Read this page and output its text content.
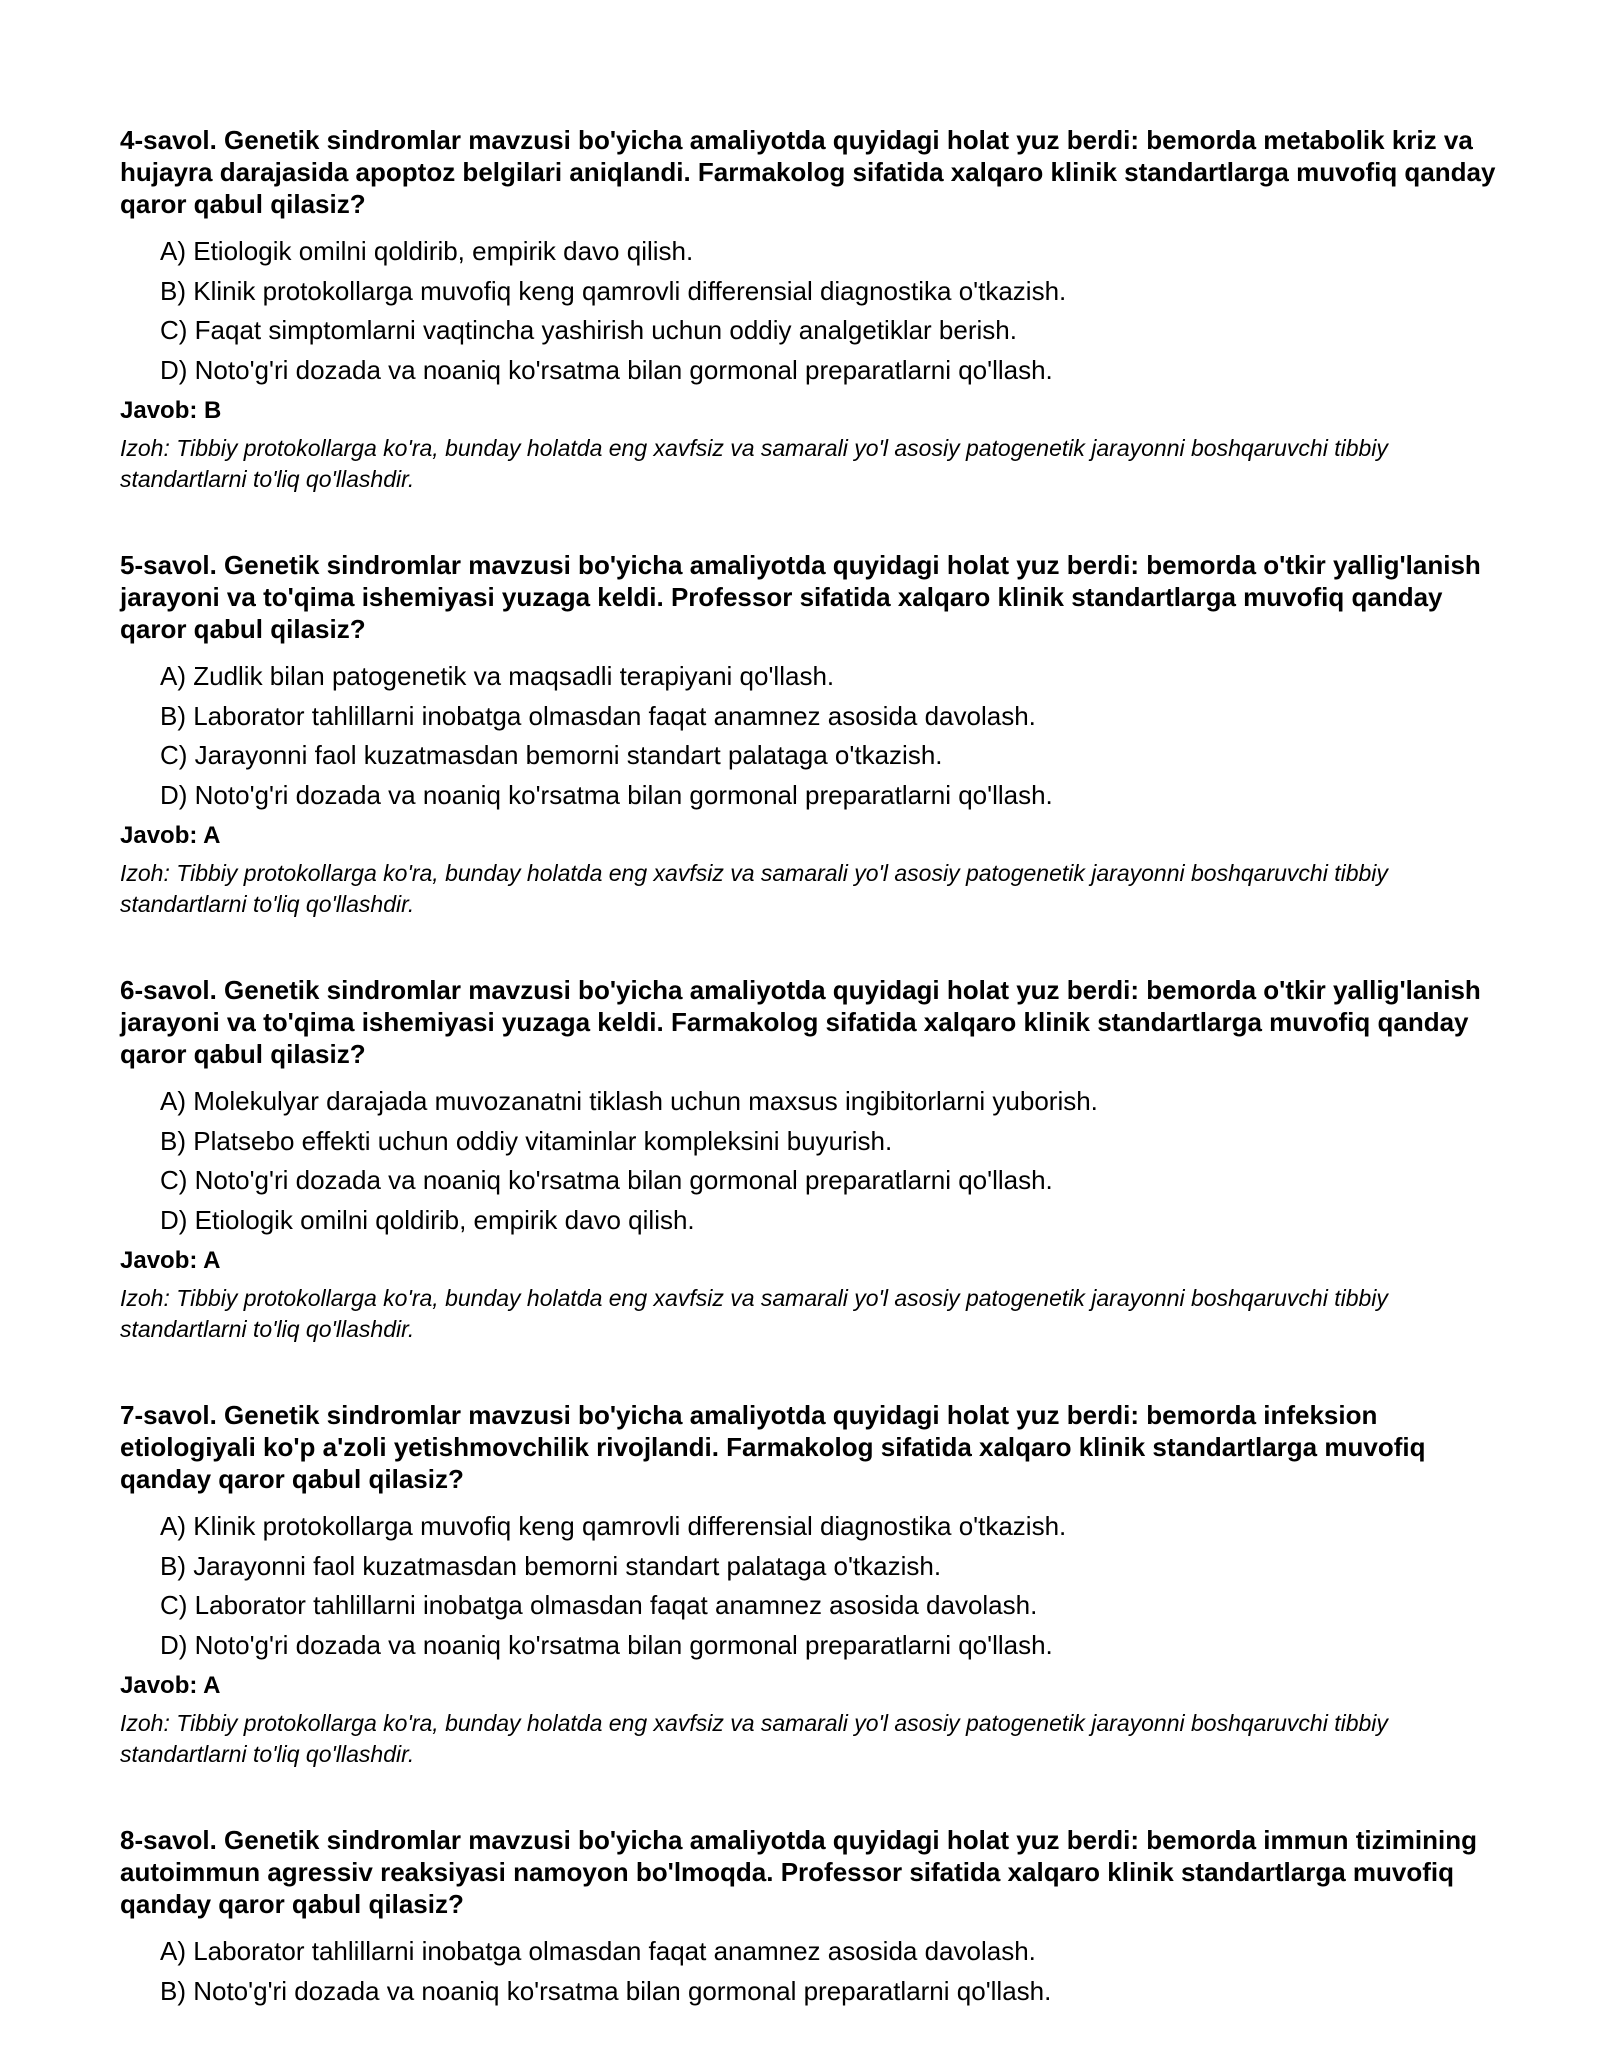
4-savol. Genetik sindromlar mavzusi bo'yicha amaliyotda quyidagi holat yuz berdi: bemorda metabolik kriz va hujayra darajasida apoptoz belgilari aniqlandi. Farmakolog sifatida xalqaro klinik standartlarga muvofiq qanday qaror qabul qilasiz?

A) Etiologik omilni qoldirib, empirik davo qilish.
B) Klinik protokollarga muvofiq keng qamrovli differensial diagnostika o'tkazish.
C) Faqat simptomlarni vaqtincha yashirish uchun oddiy analgetiklar berish.
D) Noto'g'ri dozada va noaniq ko'rsatma bilan gormonal preparatlarni qo'llash.

Javob: B

Izoh: Tibbiy protokollarga ko'ra, bunday holatda eng xavfsiz va samarali yo'l asosiy patogenetik jarayonni boshqaruvchi tibbiy standartlarni to'liq qo'llashdir.

5-savol. Genetik sindromlar mavzusi bo'yicha amaliyotda quyidagi holat yuz berdi: bemorda o'tkir yallig'lanish jarayoni va to'qima ishemiyasi yuzaga keldi. Professor sifatida xalqaro klinik standartlarga muvofiq qanday qaror qabul qilasiz?

A) Zudlik bilan patogenetik va maqsadli terapiyani qo'llash.
B) Laborator tahlillarni inobatga olmasdan faqat anamnez asosida davolash.
C) Jarayonni faol kuzatmasdan bemorni standart palataga o'tkazish.
D) Noto'g'ri dozada va noaniq ko'rsatma bilan gormonal preparatlarni qo'llash.

Javob: A

Izoh: Tibbiy protokollarga ko'ra, bunday holatda eng xavfsiz va samarali yo'l asosiy patogenetik jarayonni boshqaruvchi tibbiy standartlarni to'liq qo'llashdir.

6-savol. Genetik sindromlar mavzusi bo'yicha amaliyotda quyidagi holat yuz berdi: bemorda o'tkir yallig'lanish jarayoni va to'qima ishemiyasi yuzaga keldi. Farmakolog sifatida xalqaro klinik standartlarga muvofiq qanday qaror qabul qilasiz?

A) Molekulyar darajada muvozanatni tiklash uchun maxsus ingibitorlarni yuborish.
B) Platsebo effekti uchun oddiy vitaminlar kompleksini buyurish.
C) Noto'g'ri dozada va noaniq ko'rsatma bilan gormonal preparatlarni qo'llash.
D) Etiologik omilni qoldirib, empirik davo qilish.

Javob: A

Izoh: Tibbiy protokollarga ko'ra, bunday holatda eng xavfsiz va samarali yo'l asosiy patogenetik jarayonni boshqaruvchi tibbiy standartlarni to'liq qo'llashdir.

7-savol. Genetik sindromlar mavzusi bo'yicha amaliyotda quyidagi holat yuz berdi: bemorda infeksion etiologiyali ko'p a'zoli yetishmovchilik rivojlandi. Farmakolog sifatida xalqaro klinik standartlarga muvofiq qanday qaror qabul qilasiz?

A) Klinik protokollarga muvofiq keng qamrovli differensial diagnostika o'tkazish.
B) Jarayonni faol kuzatmasdan bemorni standart palataga o'tkazish.
C) Laborator tahlillarni inobatga olmasdan faqat anamnez asosida davolash.
D) Noto'g'ri dozada va noaniq ko'rsatma bilan gormonal preparatlarni qo'llash.

Javob: A

Izoh: Tibbiy protokollarga ko'ra, bunday holatda eng xavfsiz va samarali yo'l asosiy patogenetik jarayonni boshqaruvchi tibbiy standartlarni to'liq qo'llashdir.

8-savol. Genetik sindromlar mavzusi bo'yicha amaliyotda quyidagi holat yuz berdi: bemorda immun tizimining autoimmun agressiv reaksiyasi namoyon bo'lmoqda. Professor sifatida xalqaro klinik standartlarga muvofiq qanday qaror qabul qilasiz?

A) Laborator tahlillarni inobatga olmasdan faqat anamnez asosida davolash.
B) Noto'g'ri dozada va noaniq ko'rsatma bilan gormonal preparatlarni qo'llash.
